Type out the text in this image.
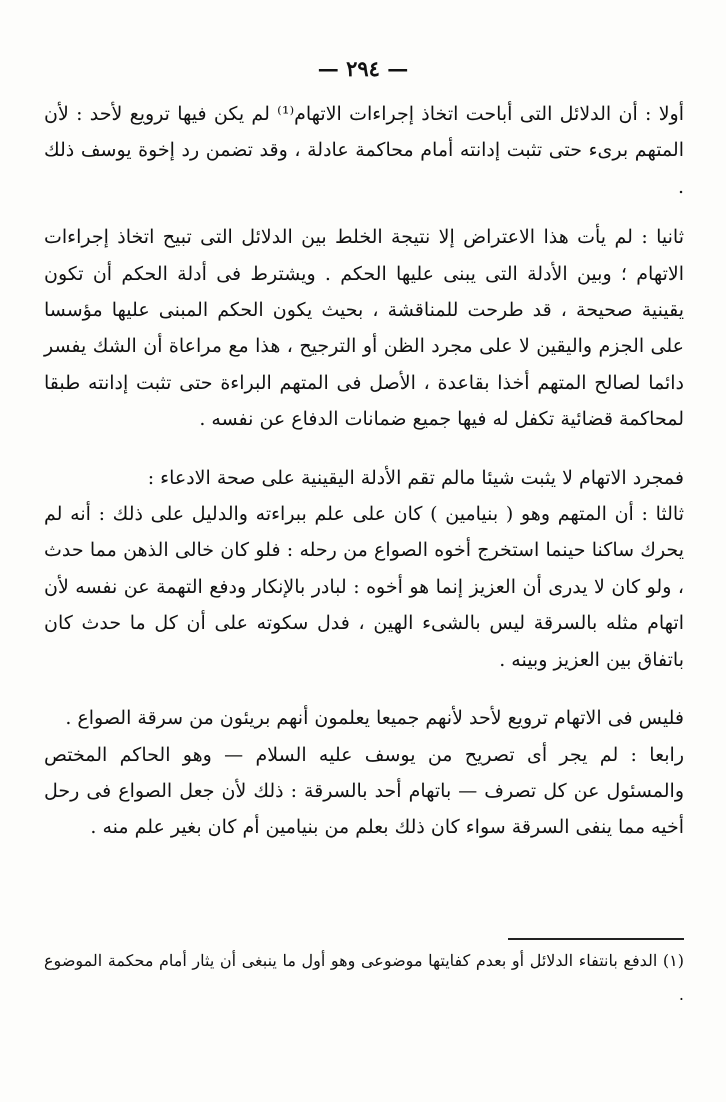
— ٢٩٤ —

أولا : أن الدلائل التى أباحت اتخاذ إجراءات الاتهام⁽¹⁾ لم يكن فيها ترويع لأحد : لأن المتهم برىء حتى تثبت إدانته أمام محاكمة عادلة ، وقد تضمن رد إخوة يوسف ذلك .

ثانيا : لم يأت هذا الاعتراض إلا نتيجة الخلط بين الدلائل التى تبيح اتخاذ إجراءات الاتهام ؛ وبين الأدلة التى يبنى عليها الحكم . ويشترط فى أدلة الحكم أن تكون يقينية صحيحة ، قد طرحت للمناقشة ، بحيث يكون الحكم المبنى عليها مؤسسا على الجزم واليقين لا على مجرد الظن أو الترجيح ، هذا مع مراعاة أن الشك يفسر دائما لصالح المتهم أخذا بقاعدة ، الأصل فى المتهم البراءة حتى تثبت إدانته طبقا لمحاكمة قضائية تكفل له فيها جميع ضمانات الدفاع عن نفسه .

فمجرد الاتهام لا يثبت شيئا مالم تقم الأدلة اليقينية على صحة الادعاء :

ثالثا : أن المتهم وهو ( بنيامين ) كان على علم ببراءته والدليل على ذلك : أنه لم يحرك ساكنا حينما استخرج أخوه الصواع من رحله : فلو كان خالى الذهن مما حدث ، ولو كان لا يدرى أن العزيز إنما هو أخوه : لبادر بالإنكار ودفع التهمة عن نفسه لأن اتهام مثله بالسرقة ليس بالشىء الهين ، فدل سكوته على أن كل ما حدث كان باتفاق بين العزيز وبينه .

فليس فى الاتهام ترويع لأحد لأنهم جميعا يعلمون أنهم بريئون من سرقة الصواع .

رابعا : لم يجر أى تصريح من يوسف عليه السلام — وهو الحاكم المختص والمسئول عن كل تصرف — باتهام أحد بالسرقة : ذلك لأن جعل الصواع فى رحل أخيه مما ينفى السرقة سواء كان ذلك بعلم من بنيامين أم كان بغير علم منه .

(١) الدفع بانتفاء الدلائل أو بعدم كفايتها موضوعى وهو أول ما ينبغى أن يثار أمام محكمة الموضوع .
